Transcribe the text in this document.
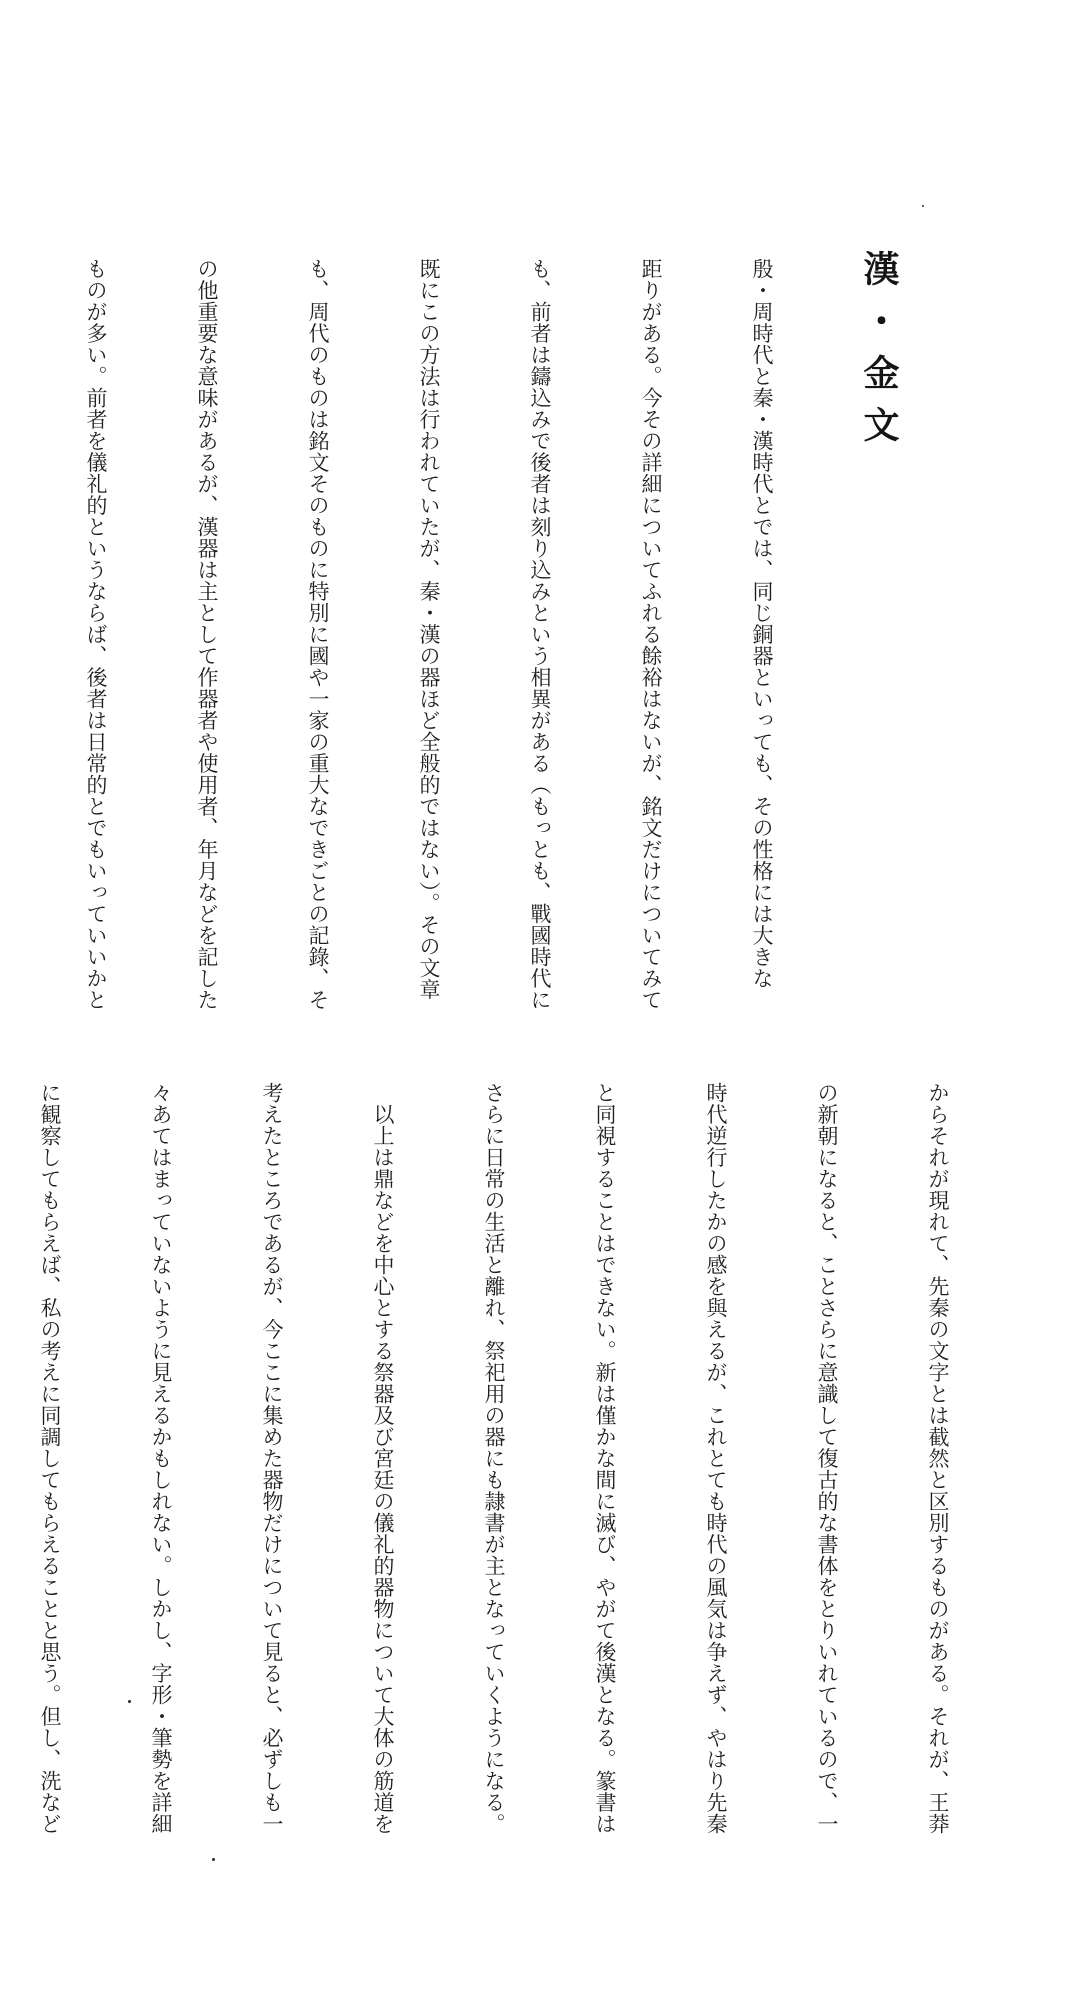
漢・金文

殷・周時代と秦・漢時代とでは、同じ銅器といっても、その性格には大きな

距りがある。今その詳細についてふれる餘裕はないが、銘文だけについてみて

も、前者は鑄込みで後者は刻り込みという相異がある（もっとも、戰國時代に

既にこの方法は行われていたが、秦・漢の器ほど全般的ではない）。その文章

も、周代のものは銘文そのものに特別に國や一家の重大なできごとの記錄、そ

の他重要な意味があるが、漢器は主として作器者や使用者、年月などを記した

ものが多い。前者を儀礼的というならば、後者は日常的とでもいっていいかと

からそれが現れて、先秦の文字とは截然と区別するものがある。それが、王莽

の新朝になると、ことさらに意識して復古的な書体をとりいれているので、一

時代逆行したかの感を與えるが、これとても時代の風気は争えず、やはり先秦

と同視することはできない。新は僅かな間に滅び、やがて後漢となる。篆書は

さらに日常の生活と離れ、祭祀用の器にも隷書が主となっていくようになる。

　以上は鼎などを中心とする祭器及び宮廷の儀礼的器物について大体の筋道を

考えたところであるが、今ここに集めた器物だけについて見ると、必ずしも一

々あてはまっていないように見えるかもしれない。しかし、字形・筆勢を詳細

に観察してもらえば、私の考えに同調してもらえることと思う。但し、洗など
